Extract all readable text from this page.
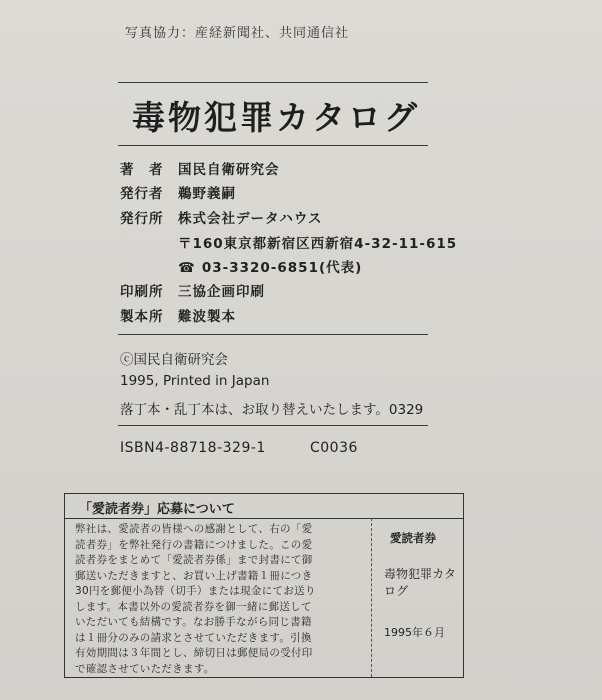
写真協力：産経新聞社、共同通信社
毒物犯罪カタログ
著　者	国民自衛研究会
発行者	鵜野義嗣
発行所	株式会社データハウス
〒160東京都新宿区西新宿4-32-11-615
☎ 03-3320-6851(代表)
印刷所	三協企画印刷
製本所	難波製本
ⓒ国民自衛研究会
1995, Printed in Japan
落丁本・乱丁本は、お取り替えいたします。0329
ISBN4-88718-329-1	C0036
「愛読者券」応募について
弊社は、愛読者の皆様への感謝として、右の「愛
読者券」を弊社発行の書籍につけました。この愛
読者券をまとめて「愛読者券係」まで封書にて御
郵送いただきますと、お買い上げ書籍１冊につき
30円を郵便小為替（切手）または現金にてお送り
します。本書以外の愛読者券を御一緒に郵送して
いただいても結構です。なお勝手ながら同じ書籍
は１冊分のみの請求とさせていただきます。引換
有効期間は３年間とし、締切日は郵便局の受付印
で確認させていただきます。
愛読者券
毒物犯罪カタログ
1995年６月
